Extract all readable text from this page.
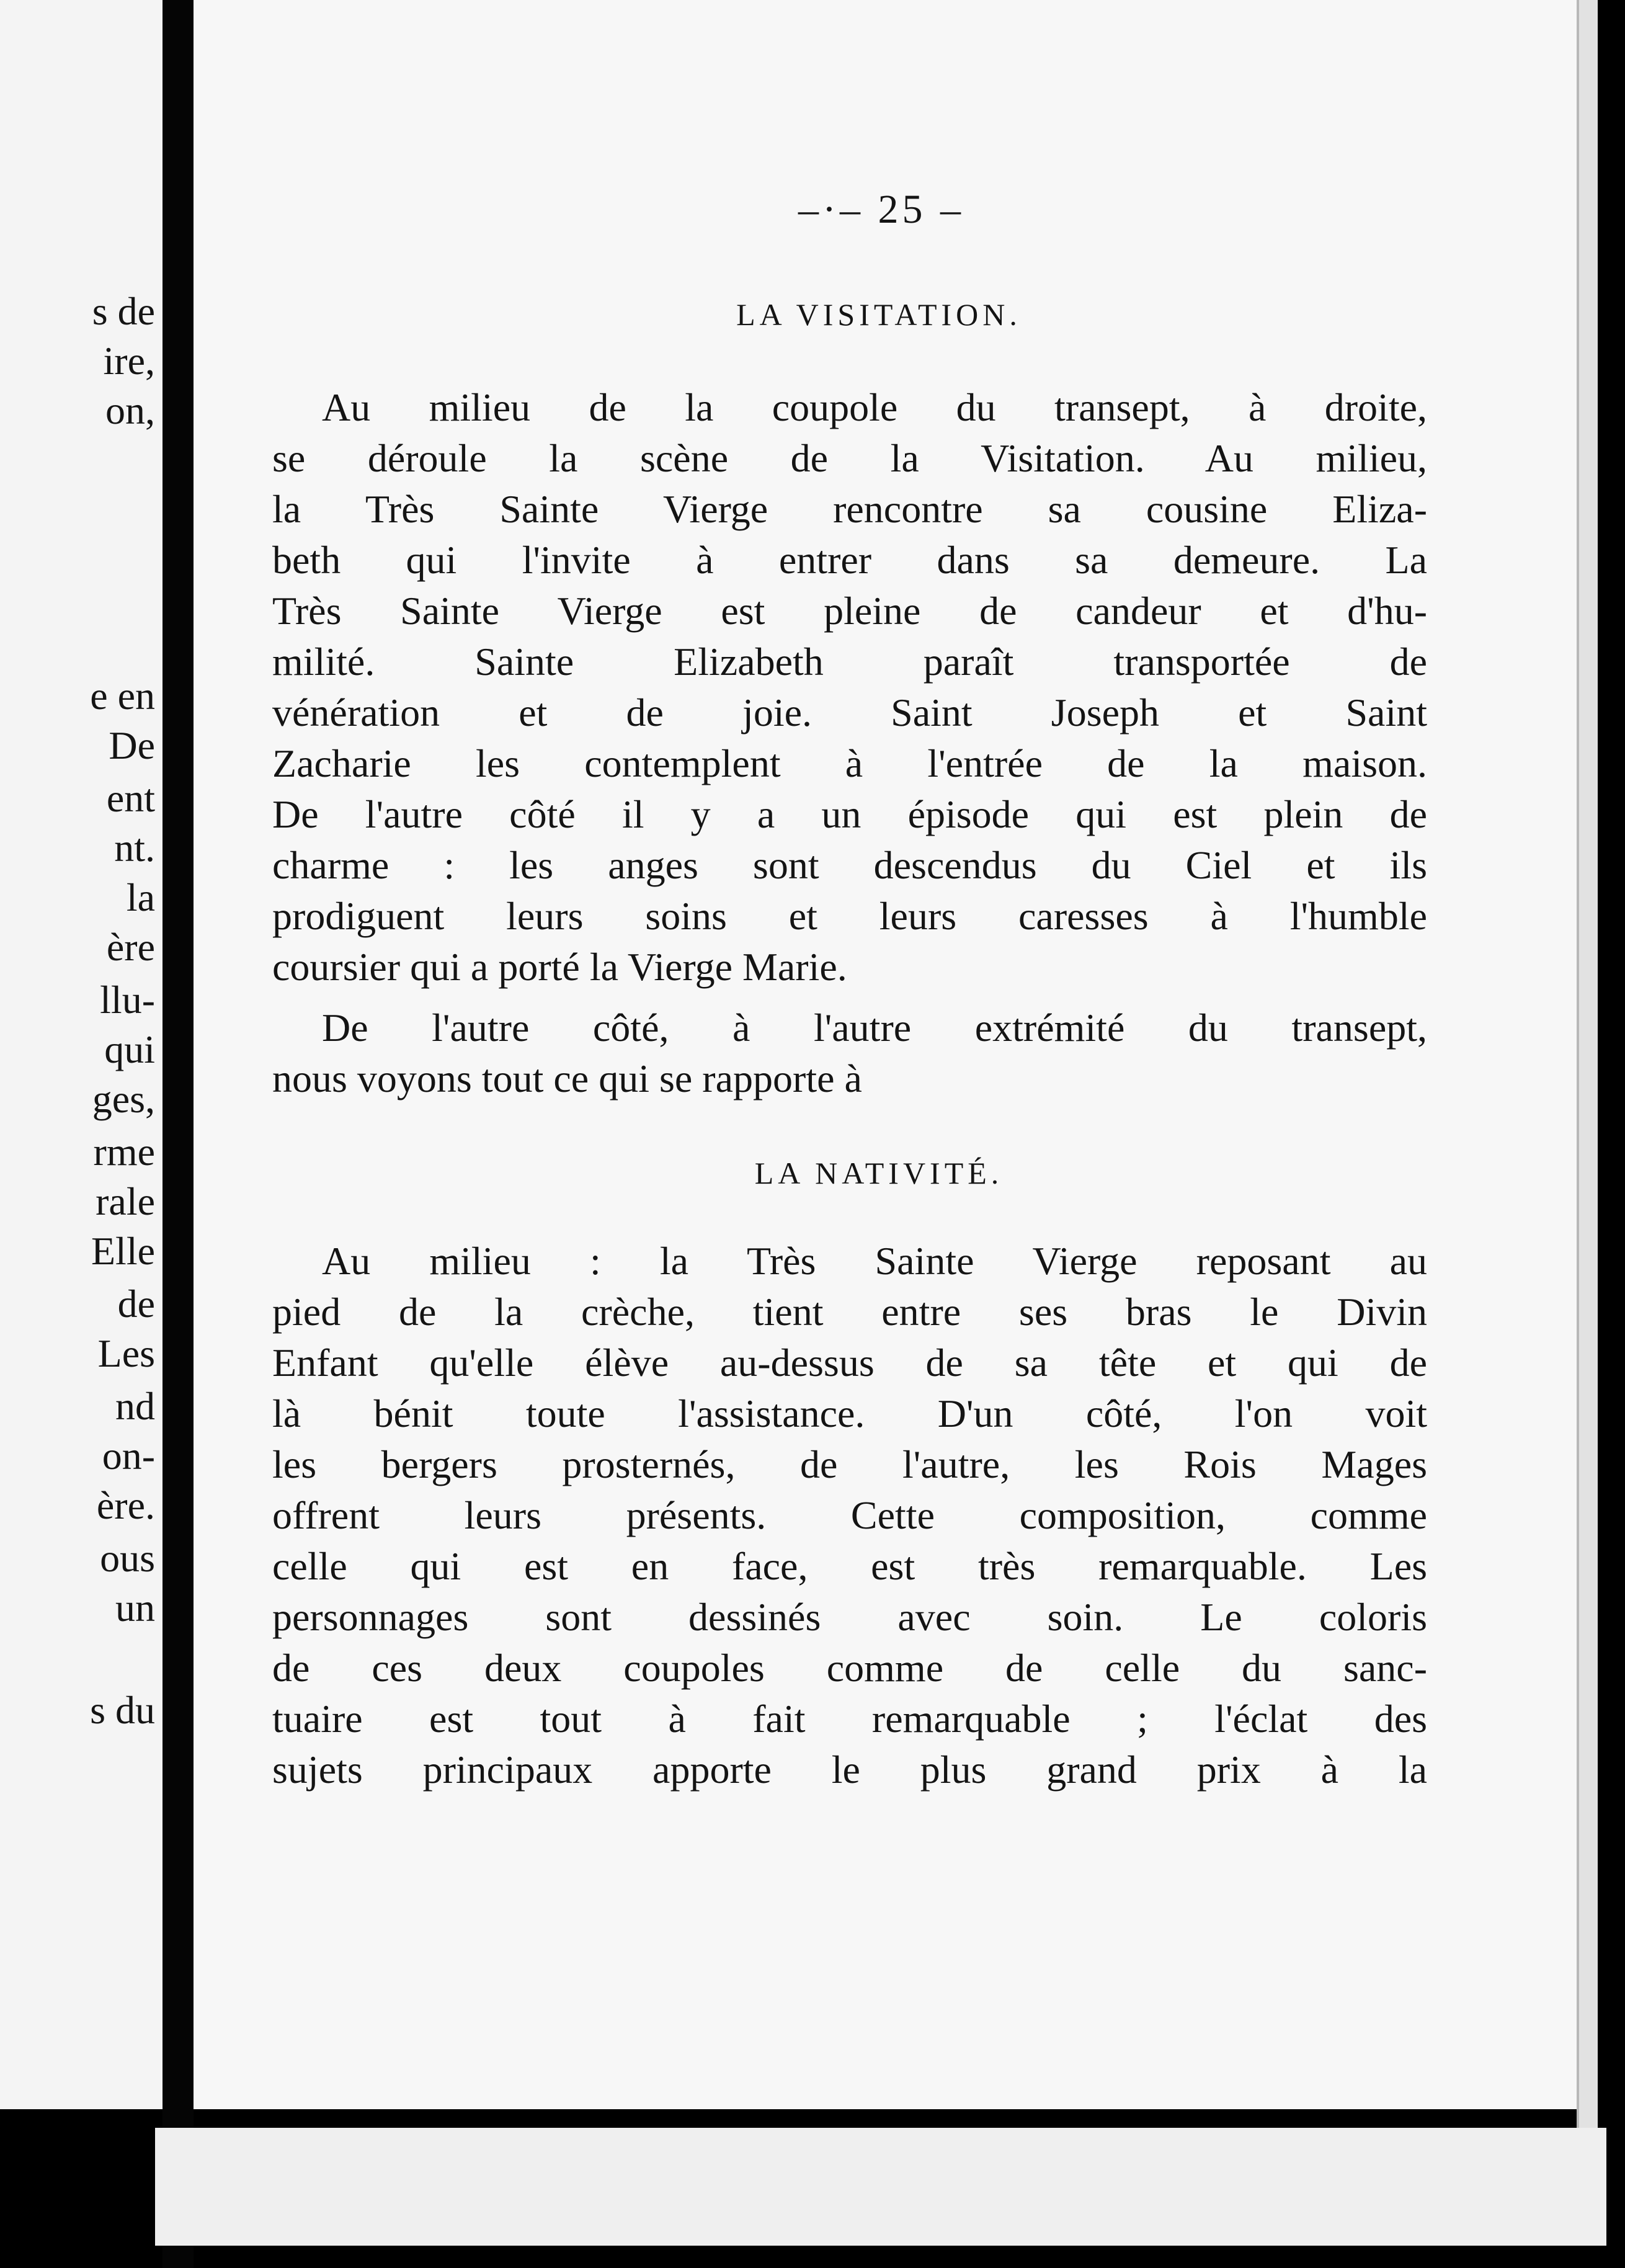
s de
ire,
on,
e en
De
ent
nt.
la
ère
llu-
qui
ges,
rme
rale
Elle
de
Les
nd
on-
ère.
ous
un
s du
–·– 25 –
LA VISITATION.
Au milieu de la coupole du transept, à droite,
se déroule la scène de la Visitation. Au milieu,
la Très Sainte Vierge rencontre sa cousine Eliza-
beth qui l'invite à entrer dans sa demeure. La
Très Sainte Vierge est pleine de candeur et d'hu-
milité. Sainte Elizabeth paraît transportée de
vénération et de joie. Saint Joseph et Saint
Zacharie les contemplent à l'entrée de la maison.
De l'autre côté il y a un épisode qui est plein de
charme : les anges sont descendus du Ciel et ils
prodiguent leurs soins et leurs caresses à l'humble
coursier qui a porté la Vierge Marie.
De l'autre côté, à l'autre extrémité du transept,
nous voyons tout ce qui se rapporte à
LA NATIVITÉ.
Au milieu : la Très Sainte Vierge reposant au
pied de la crèche, tient entre ses bras le Divin
Enfant qu'elle élève au-dessus de sa tête et qui de
là bénit toute l'assistance. D'un côté, l'on voit
les bergers prosternés, de l'autre, les Rois Mages
offrent leurs présents. Cette composition, comme
celle qui est en face, est très remarquable. Les
personnages sont dessinés avec soin. Le coloris
de ces deux coupoles comme de celle du sanc-
tuaire est tout à fait remarquable ; l'éclat des
sujets principaux apporte le plus grand prix à la
